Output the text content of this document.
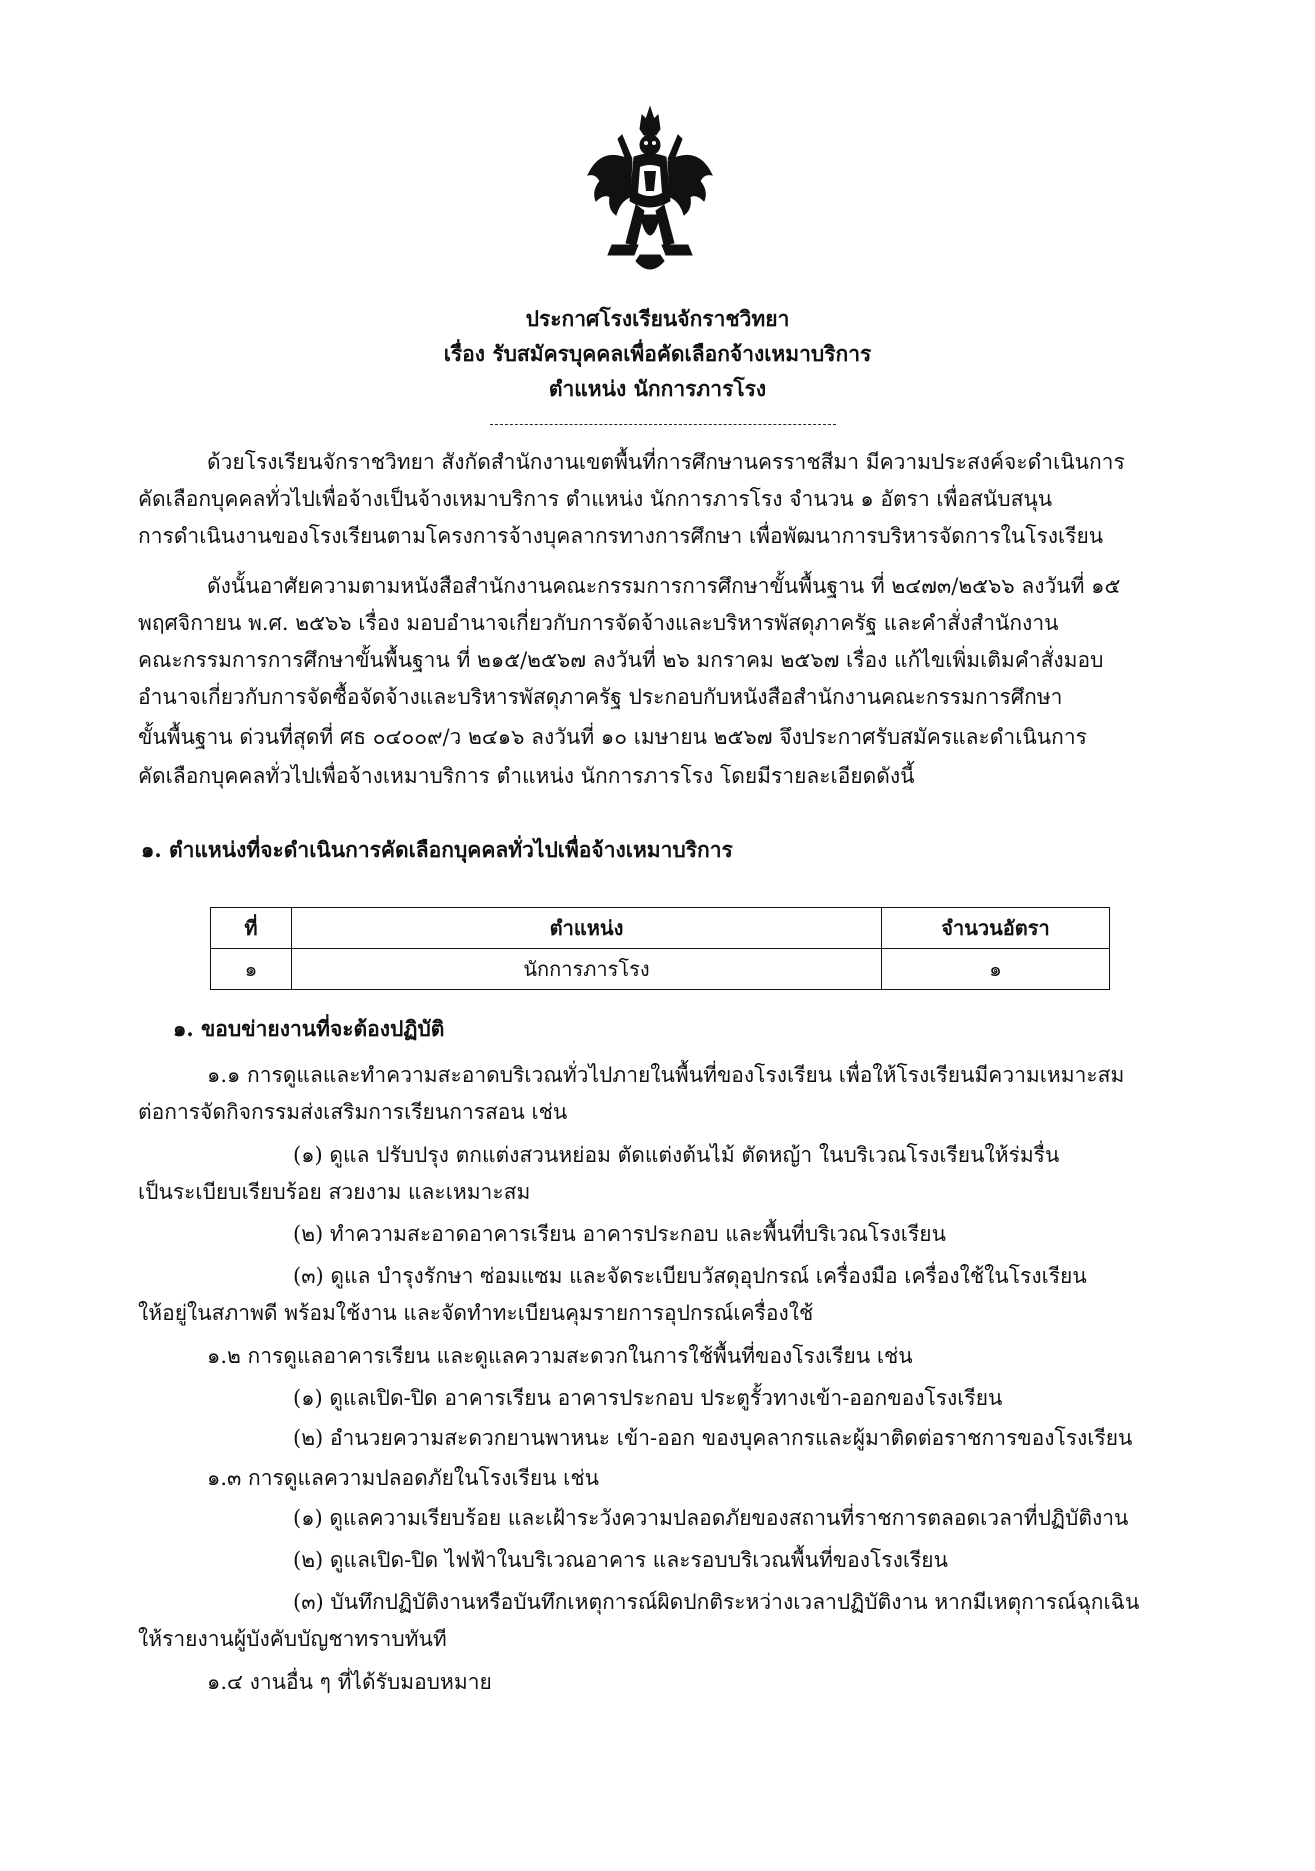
ประกาศโรงเรียนจักราชวิทยา
เรื่อง รับสมัครบุคคลเพื่อคัดเลือกจ้างเหมาบริการ
ตำแหน่ง นักการภารโรง
ด้วยโรงเรียนจักราชวิทยา สังกัดสำนักงานเขตพื้นที่การศึกษานครราชสีมา มีความประสงค์จะดำเนินการ
คัดเลือกบุคคลทั่วไปเพื่อจ้างเป็นจ้างเหมาบริการ ตำแหน่ง นักการภารโรง จำนวน ๑ อัตรา เพื่อสนับสนุน
การดำเนินงานของโรงเรียนตามโครงการจ้างบุคลากรทางการศึกษา เพื่อพัฒนาการบริหารจัดการในโรงเรียน
ดังนั้นอาศัยความตามหนังสือสำนักงานคณะกรรมการการศึกษาขั้นพื้นฐาน ที่ ๒๔๗๓/๒๕๖๖ ลงวันที่ ๑๕
พฤศจิกายน พ.ศ. ๒๕๖๖ เรื่อง มอบอำนาจเกี่ยวกับการจัดจ้างและบริหารพัสดุภาครัฐ และคำสั่งสำนักงาน
คณะกรรมการการศึกษาขั้นพื้นฐาน ที่ ๒๑๕/๒๕๖๗ ลงวันที่ ๒๖ มกราคม ๒๕๖๗ เรื่อง แก้ไขเพิ่มเติมคำสั่งมอบ
อำนาจเกี่ยวกับการจัดซื้อจัดจ้างและบริหารพัสดุภาครัฐ ประกอบกับหนังสือสำนักงานคณะกรรมการศึกษา
ขั้นพื้นฐาน ด่วนที่สุดที่ ศธ ๐๔๐๐๙/ว ๒๔๑๖ ลงวันที่ ๑๐ เมษายน ๒๕๖๗ จึงประกาศรับสมัครและดำเนินการ
คัดเลือกบุคคลทั่วไปเพื่อจ้างเหมาบริการ ตำแหน่ง นักการภารโรง โดยมีรายละเอียดดังนี้
๑. ตำแหน่งที่จะดำเนินการคัดเลือกบุคคลทั่วไปเพื่อจ้างเหมาบริการ
ที่	ตำแหน่ง	จำนวนอัตรา
๑	นักการภารโรง	๑
๑. ขอบข่ายงานที่จะต้องปฏิบัติ
๑.๑ การดูแลและทำความสะอาดบริเวณทั่วไปภายในพื้นที่ของโรงเรียน เพื่อให้โรงเรียนมีความเหมาะสม
ต่อการจัดกิจกรรมส่งเสริมการเรียนการสอน เช่น
(๑) ดูแล ปรับปรุง ตกแต่งสวนหย่อม ตัดแต่งต้นไม้ ตัดหญ้า ในบริเวณโรงเรียนให้ร่มรื่น
เป็นระเบียบเรียบร้อย สวยงาม และเหมาะสม
(๒) ทำความสะอาดอาคารเรียน อาคารประกอบ และพื้นที่บริเวณโรงเรียน
(๓) ดูแล บำรุงรักษา ซ่อมแซม และจัดระเบียบวัสดุอุปกรณ์ เครื่องมือ เครื่องใช้ในโรงเรียน
ให้อยู่ในสภาพดี พร้อมใช้งาน และจัดทำทะเบียนคุมรายการอุปกรณ์เครื่องใช้
๑.๒ การดูแลอาคารเรียน และดูแลความสะดวกในการใช้พื้นที่ของโรงเรียน เช่น
(๑) ดูแลเปิด-ปิด อาคารเรียน อาคารประกอบ ประตูรั้วทางเข้า-ออกของโรงเรียน
(๒) อำนวยความสะดวกยานพาหนะ เข้า-ออก ของบุคลากรและผู้มาติดต่อราชการของโรงเรียน
๑.๓ การดูแลความปลอดภัยในโรงเรียน เช่น
(๑) ดูแลความเรียบร้อย และเฝ้าระวังความปลอดภัยของสถานที่ราชการตลอดเวลาที่ปฏิบัติงาน
(๒) ดูแลเปิด-ปิด ไฟฟ้าในบริเวณอาคาร และรอบบริเวณพื้นที่ของโรงเรียน
(๓) บันทึกปฏิบัติงานหรือบันทึกเหตุการณ์ผิดปกติระหว่างเวลาปฏิบัติงาน หากมีเหตุการณ์ฉุกเฉิน
ให้รายงานผู้บังคับบัญชาทราบทันที
๑.๔ งานอื่น ๆ ที่ได้รับมอบหมาย
